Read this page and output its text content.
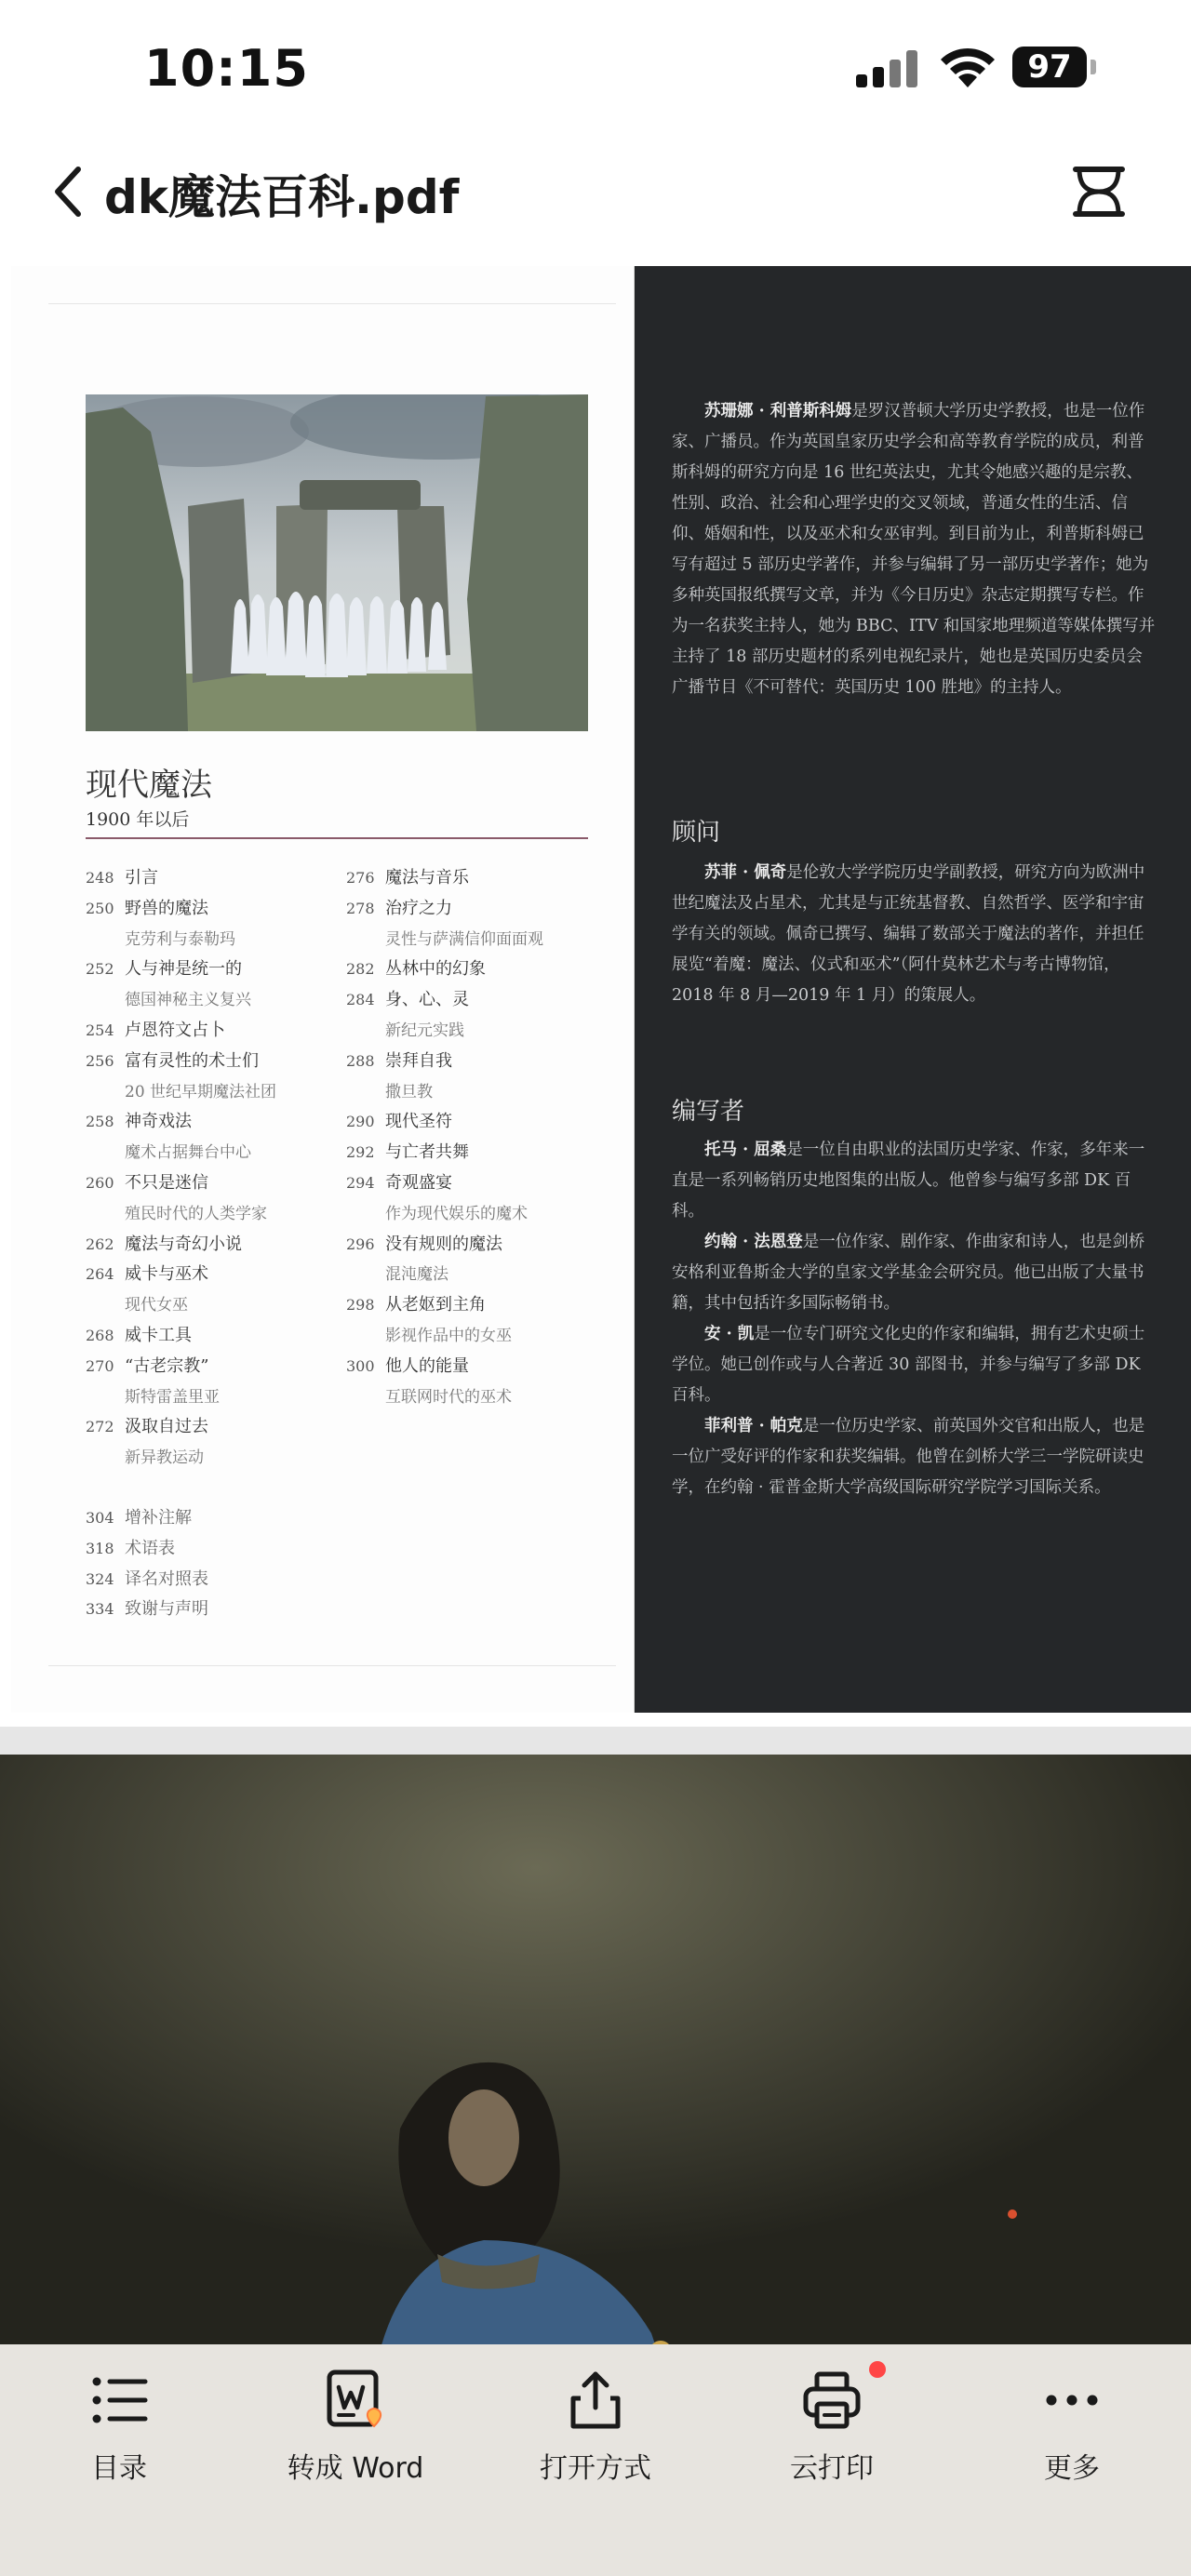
10:15	97
dk魔法百科.pdf
现代魔法
1900 年以后
248 引言
250 野兽的魔法
克劳利与泰勒玛
252 人与神是统一的
德国神秘主义复兴
254 卢恩符文占卜
256 富有灵性的术士们
20 世纪早期魔法社团
258 神奇戏法
魔术占据舞台中心
260 不只是迷信
殖民时代的人类学家
262 魔法与奇幻小说
264 威卡与巫术
现代女巫
268 威卡工具
270 “古老宗教”
斯特雷盖里亚
272 汲取自过去
新异教运动
276 魔法与音乐
278 治疗之力
灵性与萨满信仰面面观
282 丛林中的幻象
284 身、心、灵
新纪元实践
288 崇拜自我
撒旦教
290 现代圣符
292 与亡者共舞
294 奇观盛宴
作为现代娱乐的魔术
296 没有规则的魔法
混沌魔法
298 从老妪到主角
影视作品中的女巫
300 他人的能量
互联网时代的巫术
304 增补注解
318 术语表
324 译名对照表
334 致谢与声明

苏珊娜 · 利普斯科姆是罗汉普顿大学历史学教授，也是一位作家、广播员。作为英国皇家历史学会和高等教育学院的成员，利普斯科姆的研究方向是 16 世纪英法史，尤其令她感兴趣的是宗教、性别、政治、社会和心理学史的交叉领域，普通女性的生活、信仰、婚姻和性，以及巫术和女巫审判。到目前为止，利普斯科姆已写有超过 5 部历史学著作，并参与编辑了另一部历史学著作；她为多种英国报纸撰写文章，并为《今日历史》杂志定期撰写专栏。作为一名获奖主持人，她为 BBC、ITV 和国家地理频道等媒体撰写并主持了 18 部历史题材的系列电视纪录片，她也是英国历史委员会广播节目《不可替代：英国历史 100 胜地》的主持人。

顾问

苏菲 · 佩奇是伦敦大学学院历史学副教授，研究方向为欧洲中世纪魔法及占星术，尤其是与正统基督教、自然哲学、医学和宇宙学有关的领域。佩奇已撰写、编辑了数部关于魔法的著作，并担任展览“着魔：魔法、仪式和巫术”（阿什莫林艺术与考古博物馆，2018 年 8 月—2019 年 1 月）的策展人。

编写者

托马 · 屈桑是一位自由职业的法国历史学家、作家，多年来一直是一系列畅销历史地图集的出版人。他曾参与编写多部 DK 百科。

约翰 · 法恩登是一位作家、剧作家、作曲家和诗人，也是剑桥安格利亚鲁斯金大学的皇家文学基金会研究员。他已出版了大量书籍，其中包括许多国际畅销书。

安 · 凯是一位专门研究文化史的作家和编辑，拥有艺术史硕士学位。她已创作或与人合著近 30 部图书，并参与编写了多部 DK 百科。

菲利普 · 帕克是一位历史学家、前英国外交官和出版人，也是一位广受好评的作家和获奖编辑。他曾在剑桥大学三一学院研读史学，在约翰 · 霍普金斯大学高级国际研究学院学习国际关系。

目录	转成 Word	打开方式	云打印	更多
